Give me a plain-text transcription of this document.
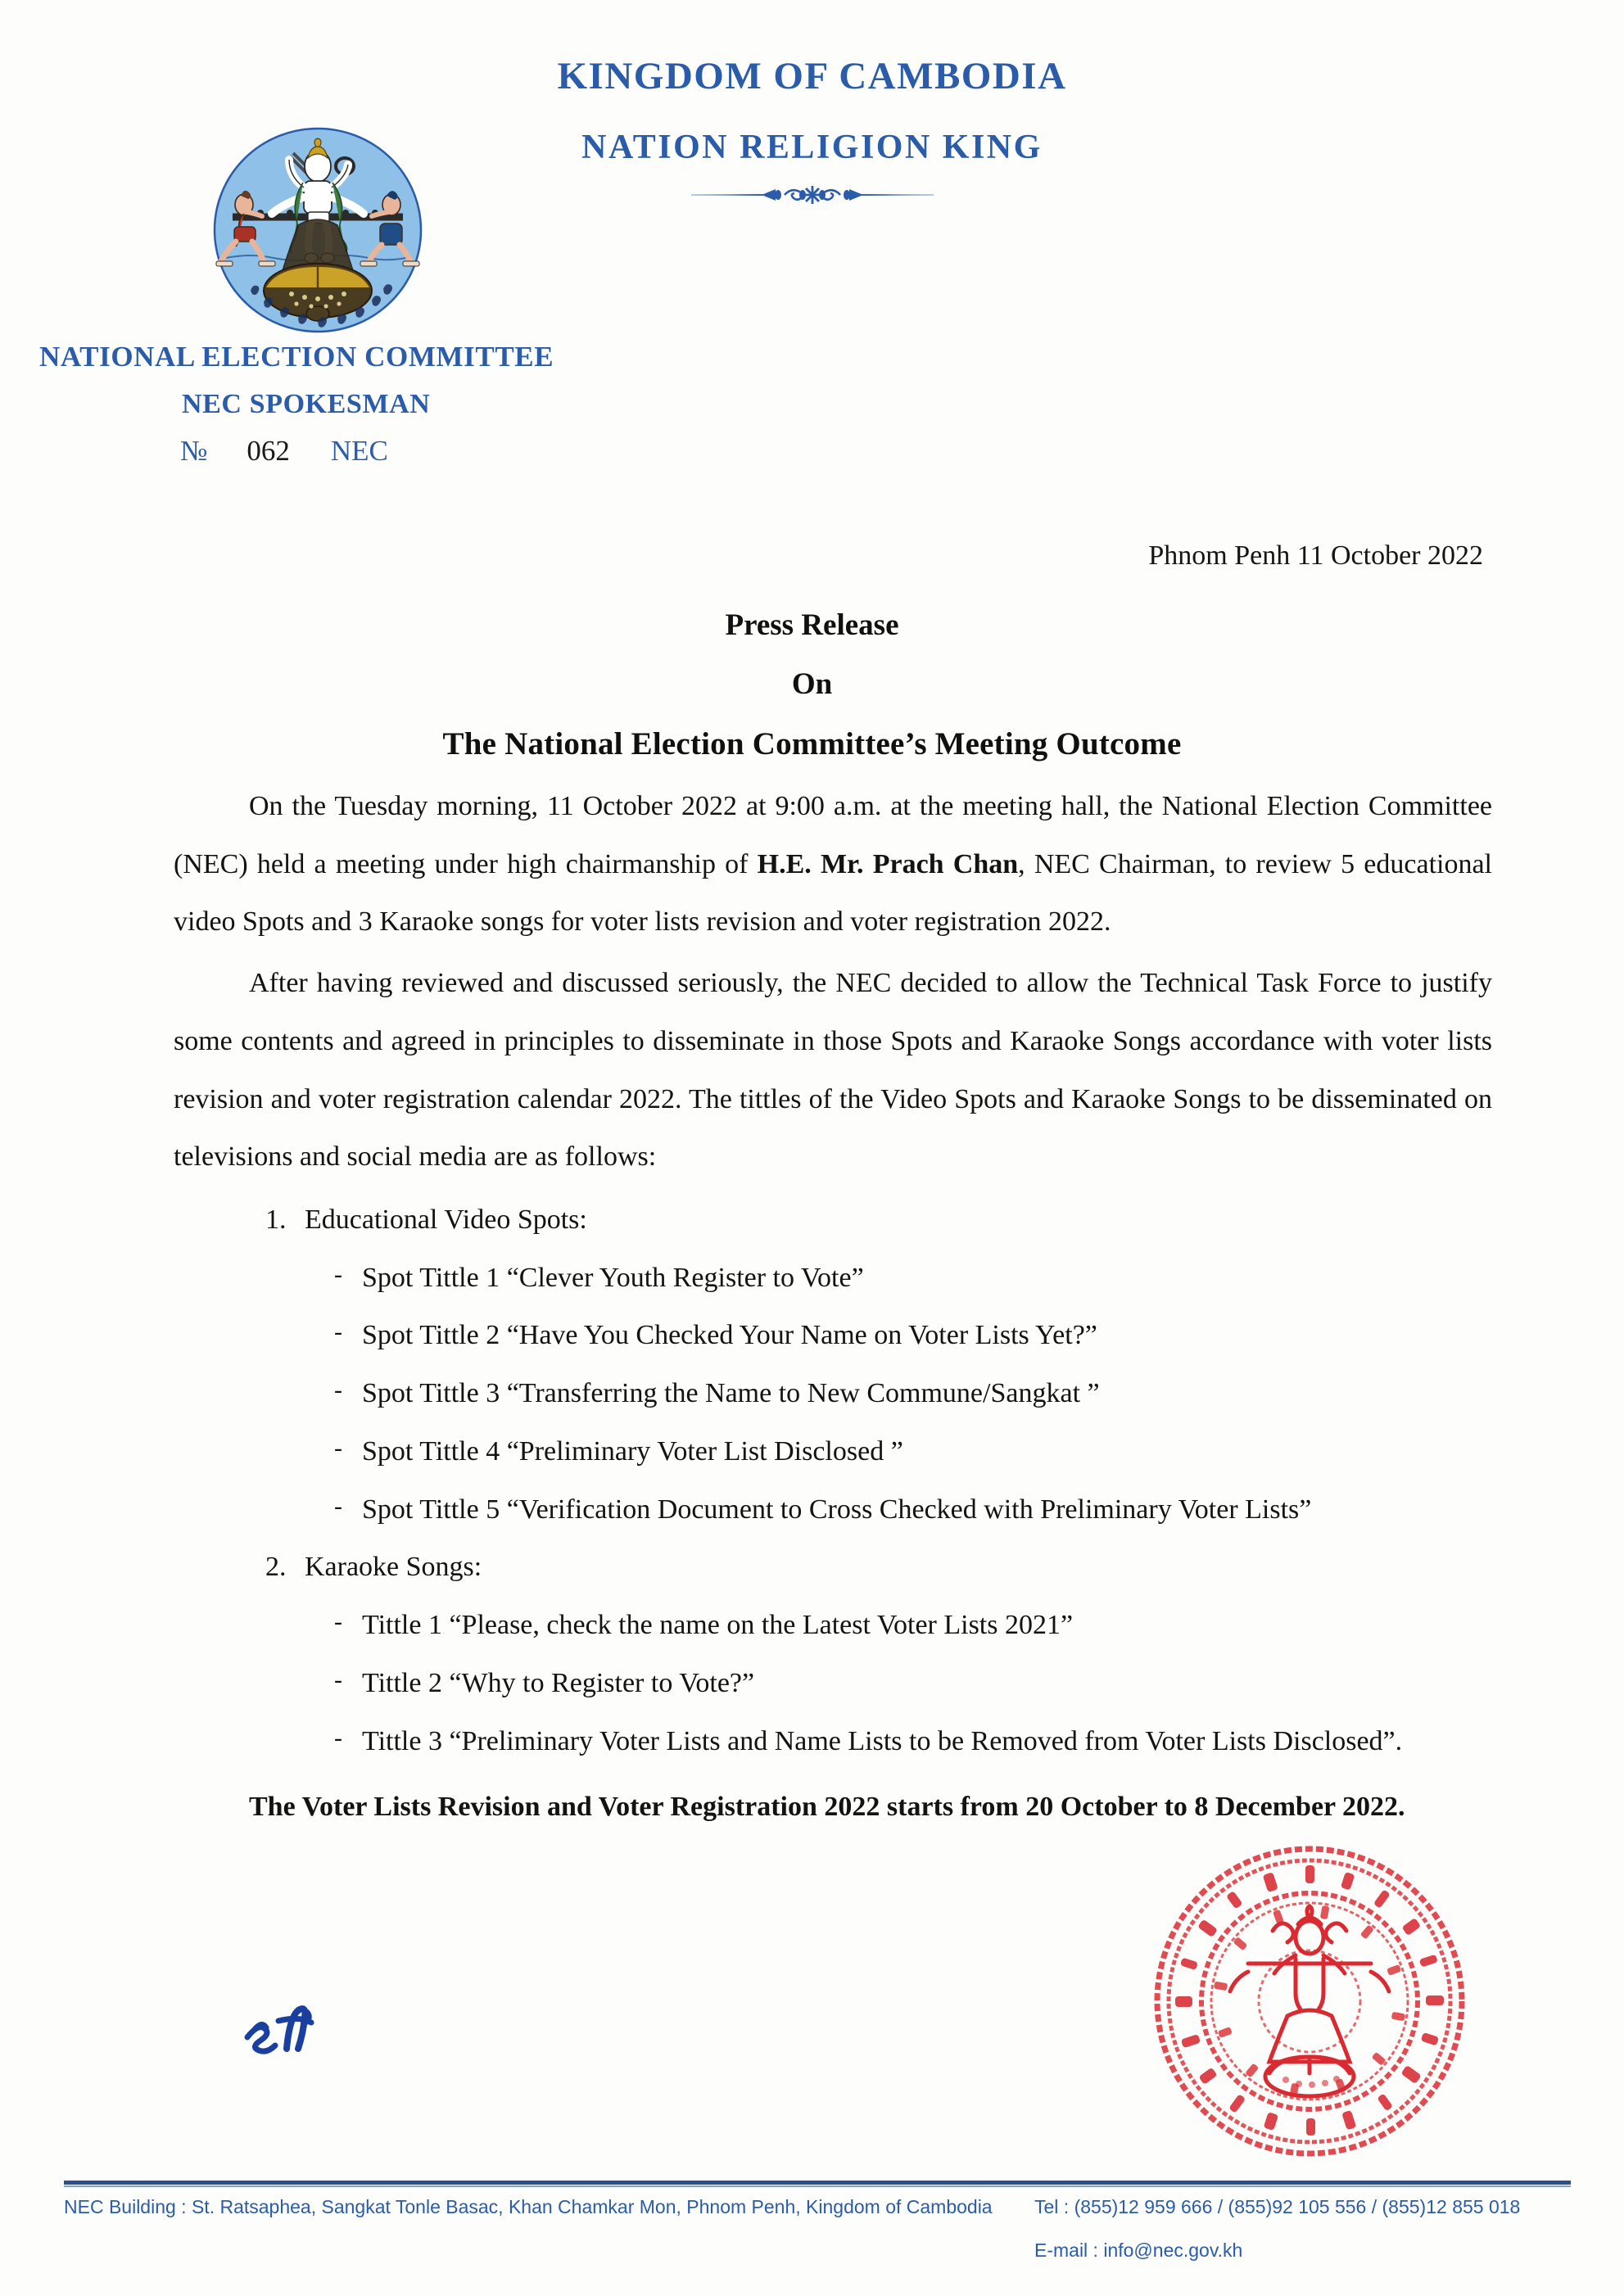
KINGDOM OF CAMBODIA
NATION RELIGION KING
NATIONAL ELECTION COMMITTEE
NEC SPOKESMAN
№ 062 NEC
Phnom Penh 11 October 2022
Press Release
On
The National Election Committee’s Meeting Outcome

On the Tuesday morning, 11 October 2022 at 9:00 a.m. at the meeting hall, the National Election Committee (NEC) held a meeting under high chairmanship of H.E. Mr. Prach Chan, NEC Chairman, to review 5 educational video Spots and 3 Karaoke songs for voter lists revision and voter registration 2022.

After having reviewed and discussed seriously, the NEC decided to allow the Technical Task Force to justify some contents and agreed in principles to disseminate in those Spots and Karaoke Songs accordance with voter lists revision and voter registration calendar 2022. The tittles of the Video Spots and Karaoke Songs to be disseminated on televisions and social media are as follows:

1. Educational Video Spots:
- Spot Tittle 1 “Clever Youth Register to Vote”
- Spot Tittle 2 “Have You Checked Your Name on Voter Lists Yet?”
- Spot Tittle 3 “Transferring the Name to New Commune/Sangkat ”
- Spot Tittle 4 “Preliminary Voter List Disclosed ”
- Spot Tittle 5 “Verification Document to Cross Checked with Preliminary Voter Lists”
2. Karaoke Songs:
- Tittle 1 “Please, check the name on the Latest Voter Lists 2021”
- Tittle 2 “Why to Register to Vote?”
- Tittle 3 “Preliminary Voter Lists and Name Lists to be Removed from Voter Lists Disclosed”.

The Voter Lists Revision and Voter Registration 2022 starts from 20 October to 8 December 2022.

NEC Building : St. Ratsaphea, Sangkat Tonle Basac, Khan Chamkar Mon, Phnom Penh, Kingdom of Cambodia	Tel : (855)12 959 666 / (855)92 105 556 / (855)12 855 018
E-mail : info@nec.gov.kh
